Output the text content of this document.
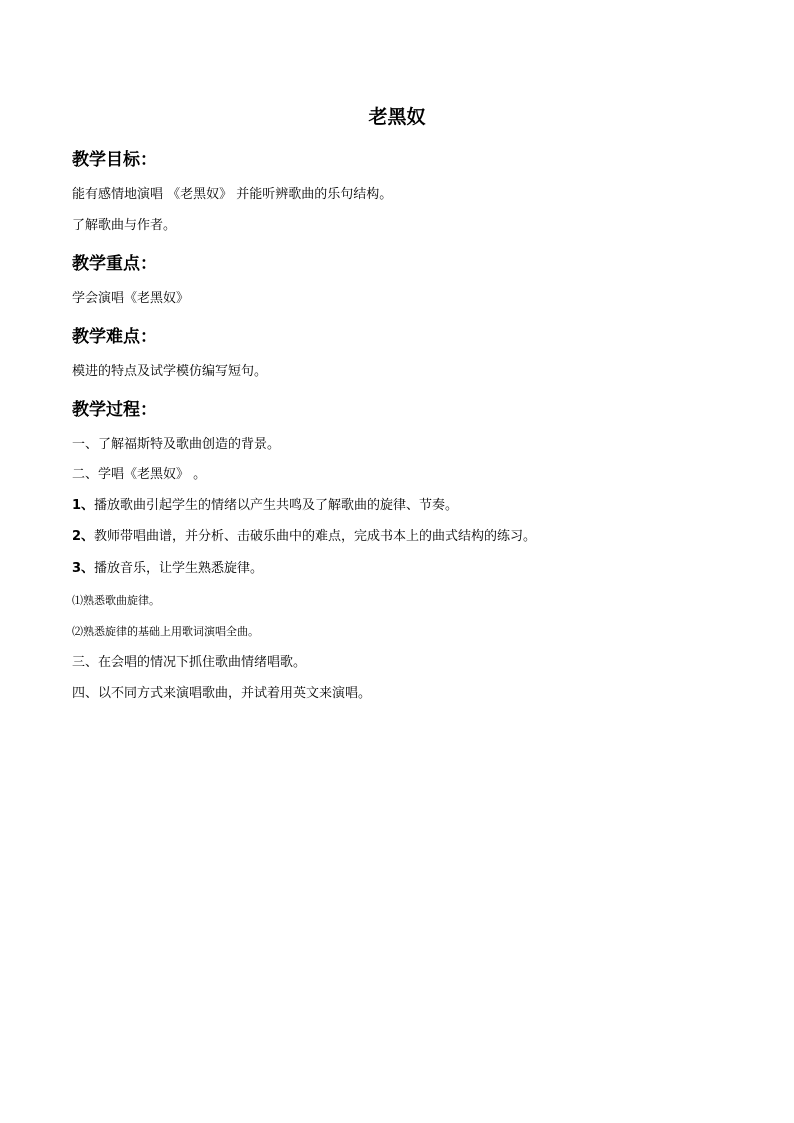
老黑奴
教学目标：
能有感情地演唱 《老黑奴》 并能听辨歌曲的乐句结构。
了解歌曲与作者。
教学重点：
学会演唱《老黑奴》
教学难点：
模进的特点及试学模仿编写短句。
教学过程：
一、了解福斯特及歌曲创造的背景。
二、学唱《老黑奴》 。
1、播放歌曲引起学生的情绪以产生共鸣及了解歌曲的旋律、节奏。
2、教师带唱曲谱，并分析、击破乐曲中的难点，完成书本上的曲式结构的练习。
3、播放音乐，让学生熟悉旋律。
⑴熟悉歌曲旋律。
⑵熟悉旋律的基础上用歌词演唱全曲。
三、在会唱的情况下抓住歌曲情绪唱歌。
四、以不同方式来演唱歌曲，并试着用英文来演唱。
